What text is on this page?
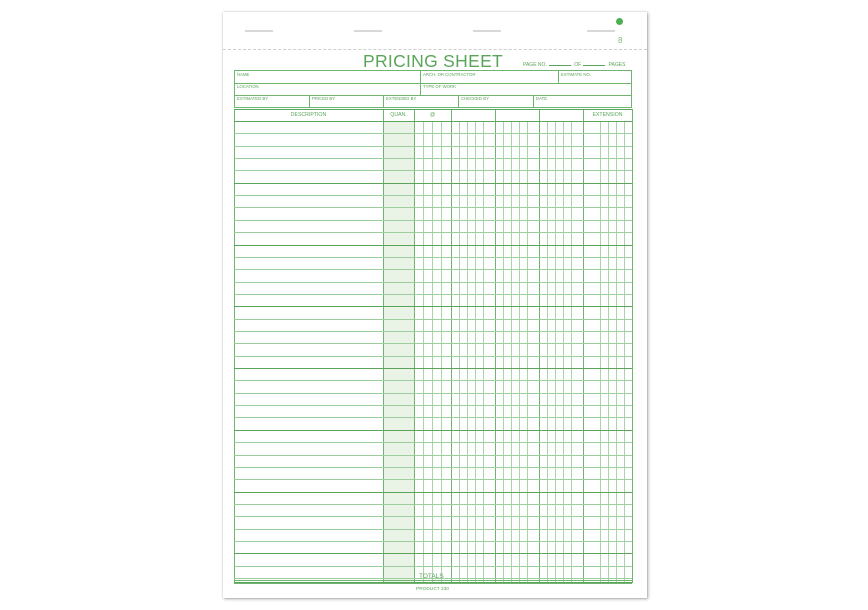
8
PRICING SHEET	PAGE NO.	OF	PAGES
NAME	ARCH. OR CONTRACTOR	ESTIMATE NO.
LOCATION	TYPE OF WORK
ESTIMATED BY	PRICED BY	EXTENDED BY	CHECKED BY	DATE
DESCRIPTION	QUAN.	@	EXTENSION
TOTALS
PRODUCT 230
